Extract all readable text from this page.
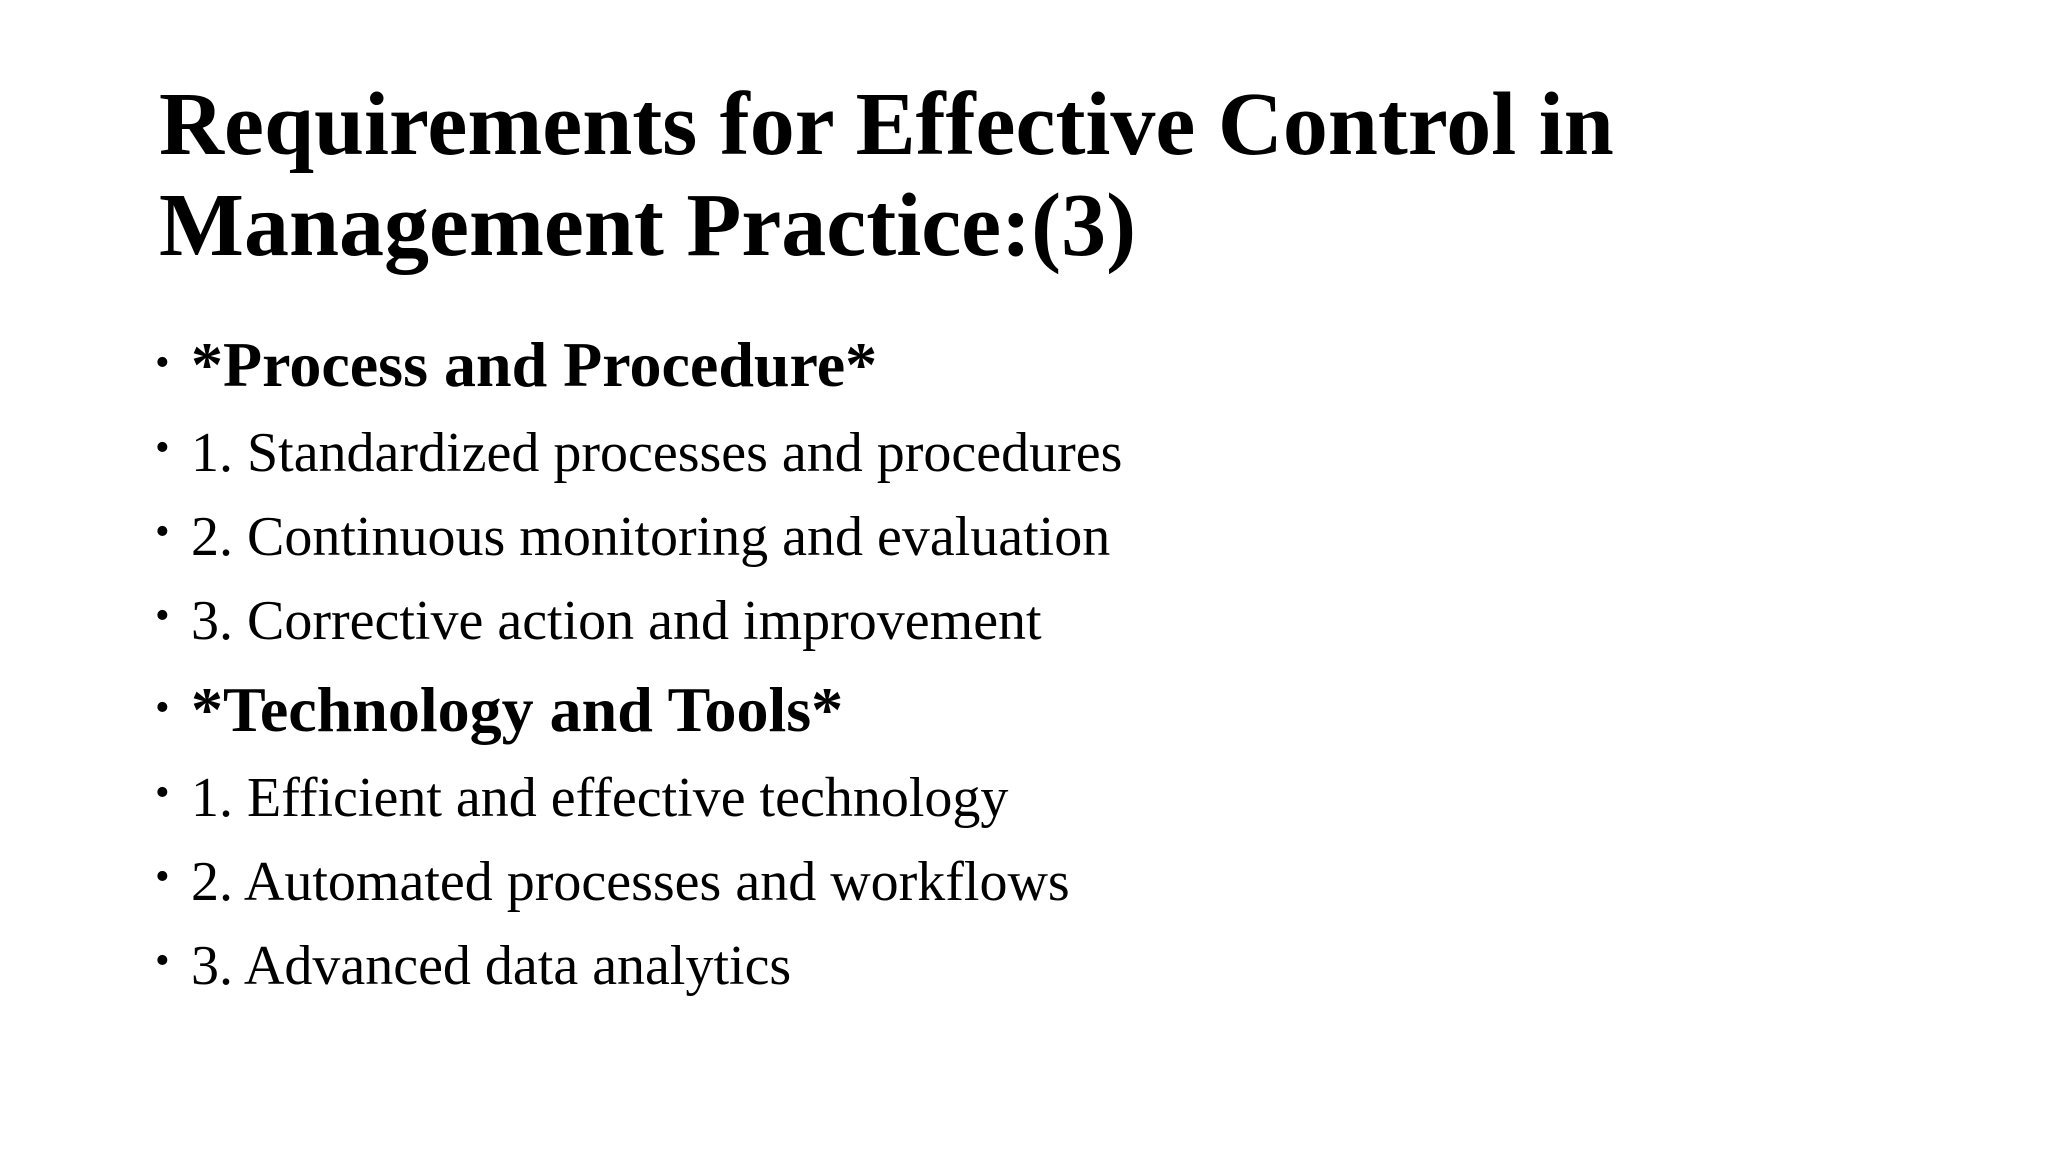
Requirements for Effective Control in
Management Practice:(3)
• *Process and Procedure*
• 1. Standardized processes and procedures
• 2. Continuous monitoring and evaluation
• 3. Corrective action and improvement
• *Technology and Tools*
• 1. Efficient and effective technology
• 2. Automated processes and workflows
• 3. Advanced data analytics
